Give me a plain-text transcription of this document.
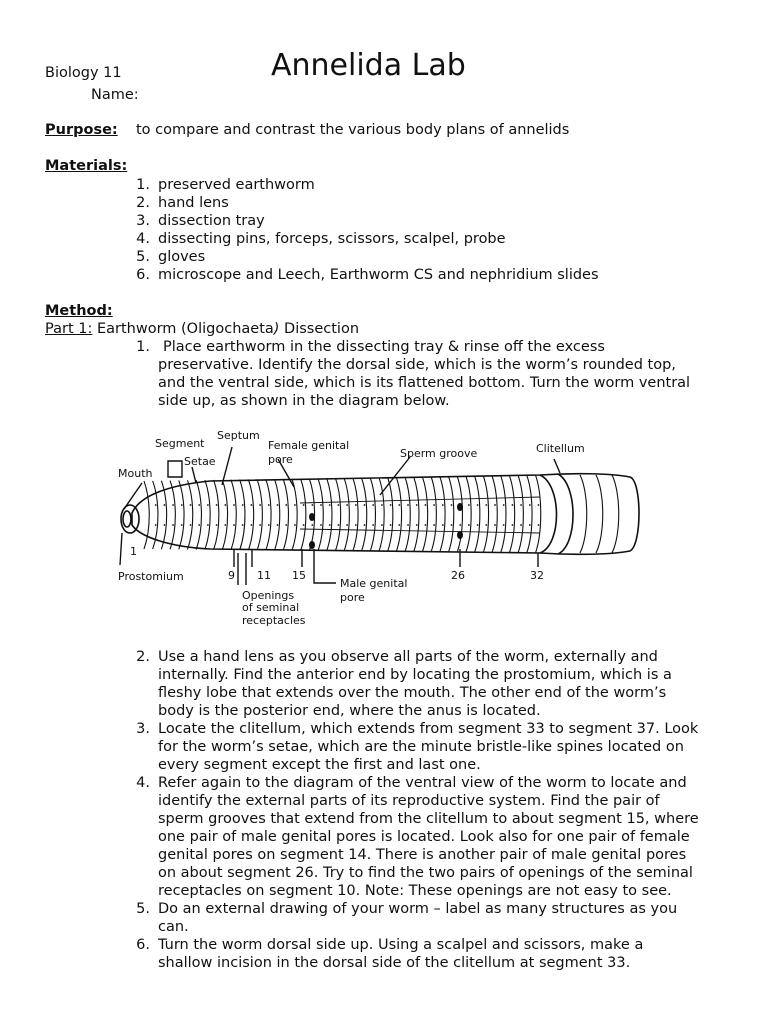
Biology 11	Annelida Lab
Name:
Purpose: to compare and contrast the various body plans of annelids
Materials:
1. preserved earthworm
2. hand lens
3. dissection tray
4. dissecting pins, forceps, scissors, scalpel, probe
5. gloves
6. microscope and Leech, Earthworm CS and nephridium slides
Method:
Part 1: Earthworm (Oligochaeta) Dissection
1. Place earthworm in the dissecting tray & rinse off the excess
preservative. Identify the dorsal side, which is the worm’s rounded top,
and the ventral side, which is its flattened bottom. Turn the worm ventral
side up, as shown in the diagram below.
Segment
Septum
Setae
Female genital
pore	Sperm groove	Clitellum
Mouth
1
Prostomium	9 11 15	26	32
Openings
of seminal
receptacles
Male genital
pore
2. Use a hand lens as you observe all parts of the worm, externally and
internally. Find the anterior end by locating the prostomium, which is a
fleshy lobe that extends over the mouth. The other end of the worm’s
body is the posterior end, where the anus is located.
3. Locate the clitellum, which extends from segment 33 to segment 37. Look
for the worm’s setae, which are the minute bristle-like spines located on
every segment except the first and last one.
4. Refer again to the diagram of the ventral view of the worm to locate and
identify the external parts of its reproductive system. Find the pair of
sperm grooves that extend from the clitellum to about segment 15, where
one pair of male genital pores is located. Look also for one pair of female
genital pores on segment 14. There is another pair of male genital pores
on about segment 26. Try to find the two pairs of openings of the seminal
receptacles on segment 10. Note: These openings are not easy to see.
5. Do an external drawing of your worm – label as many structures as you
can.
6. Turn the worm dorsal side up. Using a scalpel and scissors, make a
shallow incision in the dorsal side of the clitellum at segment 33.
